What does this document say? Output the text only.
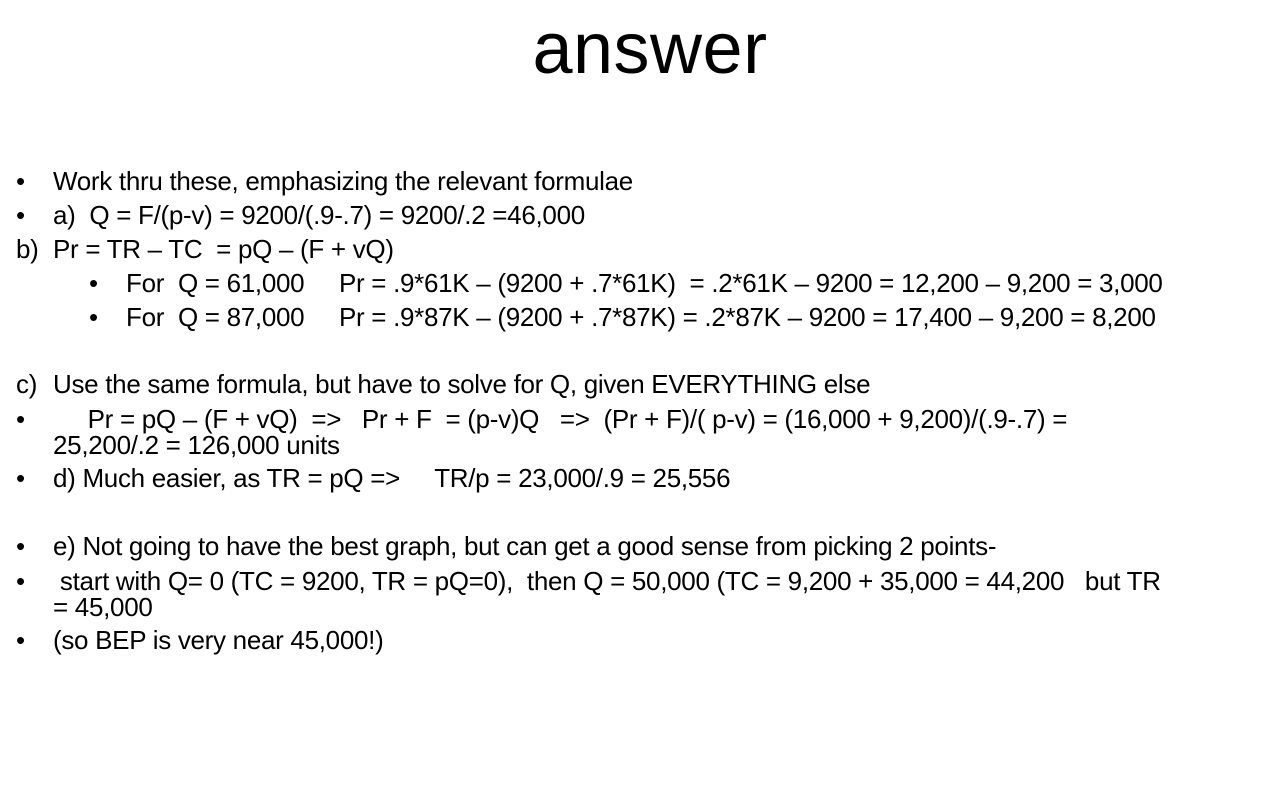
answer
•	Work thru these, emphasizing the relevant formulae
•	a)  Q = F/(p-v) = 9200/(.9-.7) = 9200/.2 =46,000
b) Pr = TR – TC  = pQ – (F + vQ)
•	For  Q = 61,000     Pr = .9*61K – (9200 + .7*61K)  = .2*61K – 9200 = 12,200 – 9,200 = 3,000
•	For  Q = 87,000     Pr = .9*87K – (9200 + .7*87K) = .2*87K – 9200 = 17,400 – 9,200 = 8,200
c) Use the same formula, but have to solve for Q, given EVERYTHING else
•	Pr = pQ – (F + vQ)  =>   Pr + F  = (p-v)Q   =>  (Pr + F)/( p-v) = (16,000 + 9,200)/(.9-.7) =
25,200/.2 = 126,000 units
•	d) Much easier, as TR = pQ =>     TR/p = 23,000/.9 = 25,556
•	e) Not going to have the best graph, but can get a good sense from picking 2 points-
•	start with Q= 0 (TC = 9200, TR = pQ=0),  then Q = 50,000 (TC = 9,200 + 35,000 = 44,200   but TR
= 45,000
•	(so BEP is very near 45,000!)
